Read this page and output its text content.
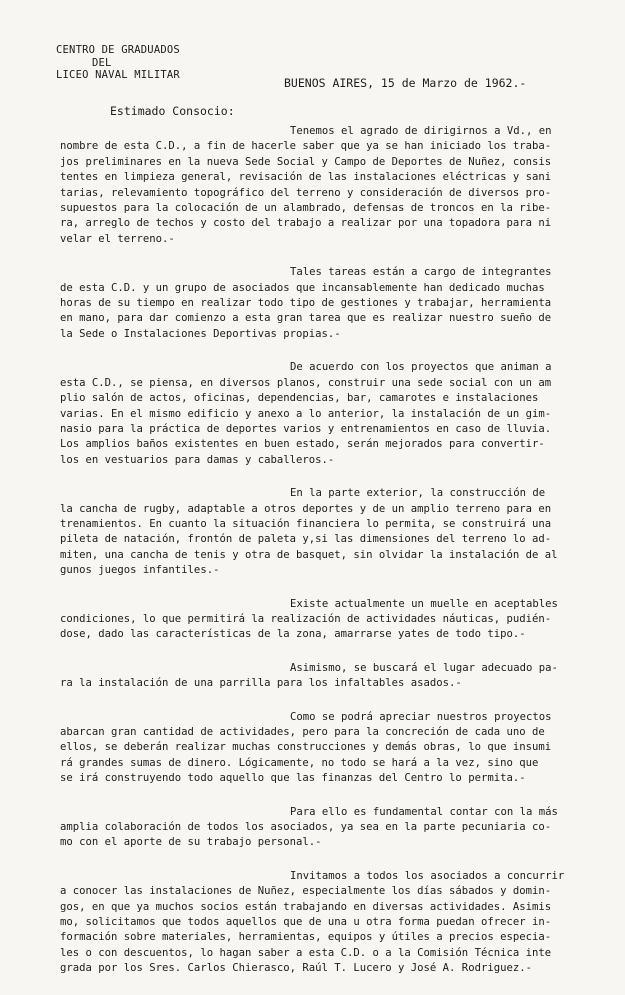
CENTRO DE GRADUADOS
DEL
LICEO NAVAL MILITAR
BUENOS AIRES, 15 de Marzo de 1962.-
Estimado Consocio:
Tenemos el agrado de dirigirnos a Vd., en
nombre de esta C.D., a fin de hacerle saber que ya se han iniciado los traba-
jos preliminares en la nueva Sede Social y Campo de Deportes de Nuñez, consis
tentes en limpieza general, revisación de las instalaciones eléctricas y sani
tarias, relevamiento topográfico del terreno y consideración de diversos pro-
supuestos para la colocación de un alambrado, defensas de troncos en la ribe-
ra, arreglo de techos y costo del trabajo a realizar por una topadora para ni
velar el terreno.-
Tales tareas están a cargo de integrantes
de esta C.D. y un grupo de asociados que incansablemente han dedicado muchas
horas de su tiempo en realizar todo tipo de gestiones y trabajar, herramienta
en mano, para dar comienzo a esta gran tarea que es realizar nuestro sueño de
la Sede o Instalaciones Deportivas propias.-
De acuerdo con los proyectos que animan a
esta C.D., se piensa, en diversos planos, construir una sede social con un am
plio salón de actos, oficinas, dependencias, bar, camarotes e instalaciones
varias. En el mismo edificio y anexo a lo anterior, la instalación de un gim-
nasio para la práctica de deportes varios y entrenamientos en caso de lluvia.
Los amplios baños existentes en buen estado, serán mejorados para convertir-
los en vestuarios para damas y caballeros.-
En la parte exterior, la construcción de
la cancha de rugby, adaptable a otros deportes y de un amplio terreno para en
trenamientos. En cuanto la situación financiera lo permita, se construirá una
pileta de natación, frontón de paleta y,si las dimensiones del terreno lo ad-
miten, una cancha de tenis y otra de basquet, sin olvidar la instalación de al
gunos juegos infantiles.-
Existe actualmente un muelle en aceptables
condiciones, lo que permitirá la realización de actividades náuticas, pudién-
dose, dado las características de la zona, amarrarse yates de todo tipo.-
Asimismo, se buscará el lugar adecuado pa-
ra la instalación de una parrilla para los infaltables asados.-
Como se podrá apreciar nuestros proyectos
abarcan gran cantidad de actividades, pero para la concreción de cada uno de
ellos, se deberán realizar muchas construcciones y demás obras, lo que insumi
rá grandes sumas de dinero. Lógicamente, no todo se hará a la vez, sino que
se irá construyendo todo aquello que las finanzas del Centro lo permita.-
Para ello es fundamental contar con la más
amplia colaboración de todos los asociados, ya sea en la parte pecuniaria co-
mo con el aporte de su trabajo personal.-
Invitamos a todos los asociados a concurrir
a conocer las instalaciones de Nuñez, especialmente los días sábados y domin-
gos, en que ya muchos socios están trabajando en diversas actividades. Asimis
mo, solicitamos que todos aquellos que de una u otra forma puedan ofrecer in-
formación sobre materiales, herramientas, equipos y útiles a precios especia-
les o con descuentos, lo hagan saber a esta C.D. o a la Comisión Técnica inte
grada por los Sres. Carlos Chierasco, Raúl T. Lucero y José A. Rodriguez.-
